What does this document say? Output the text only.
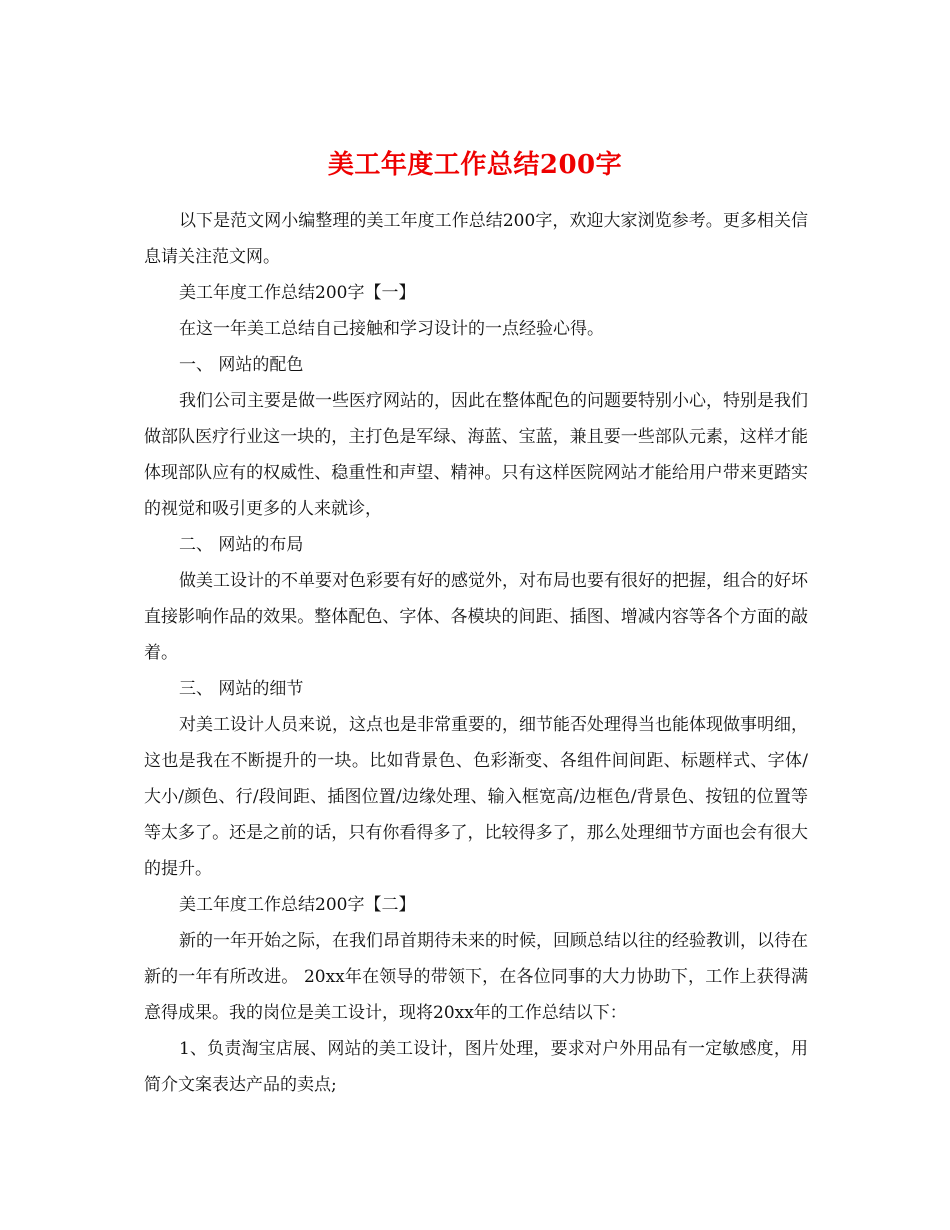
美工年度工作总结200字

以下是范文网小编整理的美工年度工作总结200字，欢迎大家浏览参考。更多相关信息请关注范文网。

美工年度工作总结200字【一】

在这一年美工总结自己接触和学习设计的一点经验心得。

一、 网站的配色

我们公司主要是做一些医疗网站的，因此在整体配色的问题要特别小心，特别是我们做部队医疗行业这一块的，主打色是军绿、海蓝、宝蓝，兼且要一些部队元素，这样才能体现部队应有的权威性、稳重性和声望、精神。只有这样医院网站才能给用户带来更踏实的视觉和吸引更多的人来就诊，

二、 网站的布局

做美工设计的不单要对色彩要有好的感觉外，对布局也要有很好的把握，组合的好坏直接影响作品的效果。整体配色、字体、各模块的间距、插图、增减内容等各个方面的敲着。

三、 网站的细节

对美工设计人员来说，这点也是非常重要的，细节能否处理得当也能体现做事明细，这也是我在不断提升的一块。比如背景色、色彩渐变、各组件间间距、标题样式、字体/大小/颜色、行/段间距、插图位置/边缘处理、输入框宽高/边框色/背景色、按钮的位置等等太多了。还是之前的话，只有你看得多了，比较得多了，那么处理细节方面也会有很大的提升。

美工年度工作总结200字【二】

新的一年开始之际，在我们昂首期待未来的时候，回顾总结以往的经验教训，以待在新的一年有所改进。 20xx年在领导的带领下，在各位同事的大力协助下，工作上获得满意得成果。我的岗位是美工设计，现将20xx年的工作总结以下：

1、负责淘宝店展、网站的美工设计，图片处理，要求对户外用品有一定敏感度，用简介文案表达产品的卖点;
